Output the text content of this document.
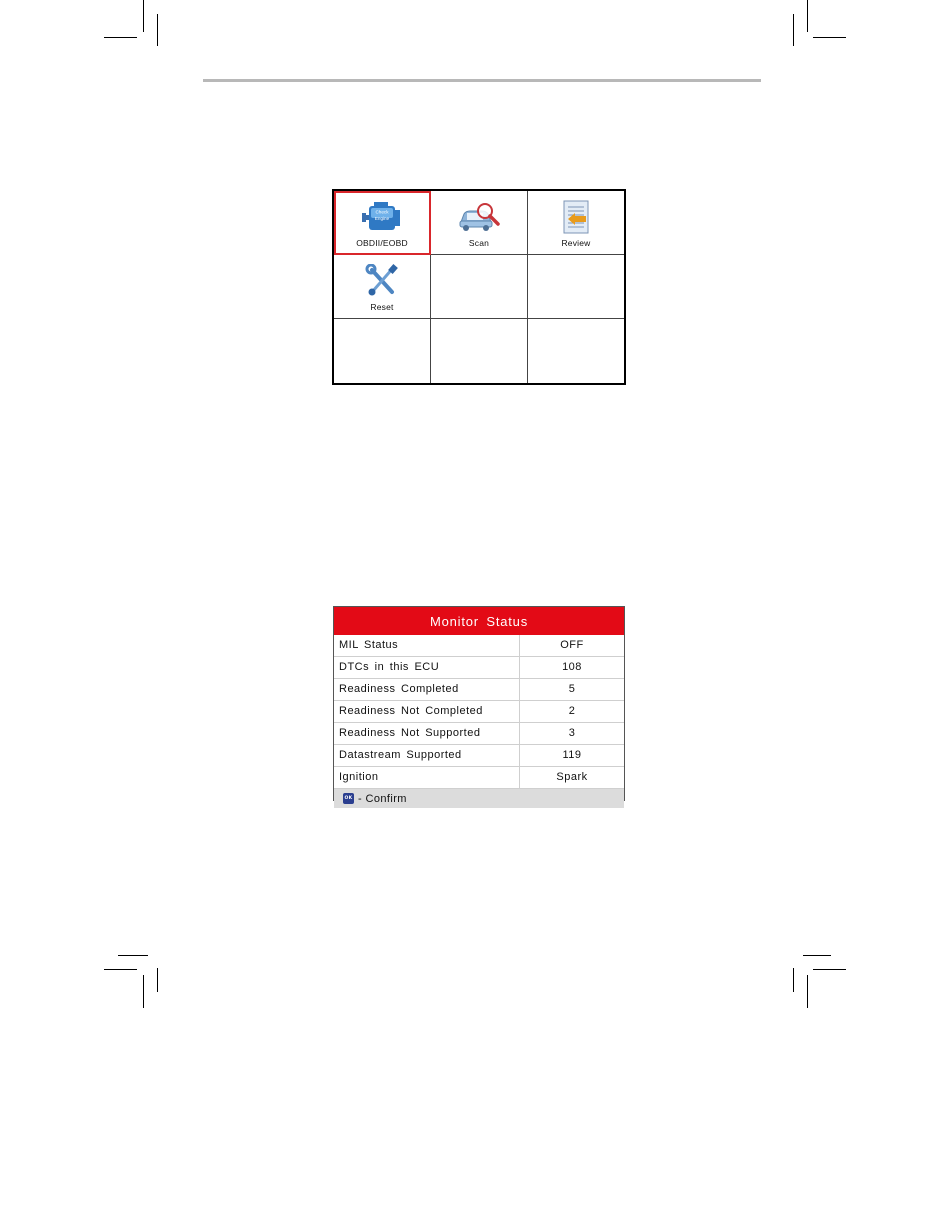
Check
Engine
OBDII/EOBD	Scan	Review
Reset
Monitor Status
MIL Status	OFF
DTCs in this ECU	108
Readiness Completed	5
Readiness Not Completed	2
Readiness Not Supported	3
Datastream Supported	119
Ignition	Spark
OK - Confirm
